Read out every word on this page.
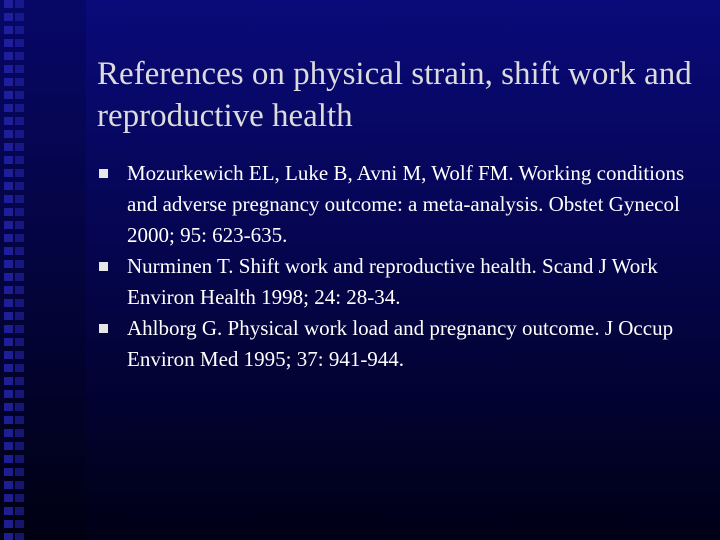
References on physical strain, shift work and reproductive health
Mozurkewich EL, Luke B, Avni M, Wolf FM. Working conditions and adverse pregnancy outcome: a meta-analysis. Obstet Gynecol 2000; 95: 623-635.
Nurminen T. Shift work and reproductive health. Scand J Work Environ Health 1998; 24: 28-34.
Ahlborg G. Physical work load and pregnancy outcome. J Occup Environ Med 1995; 37: 941-944.
